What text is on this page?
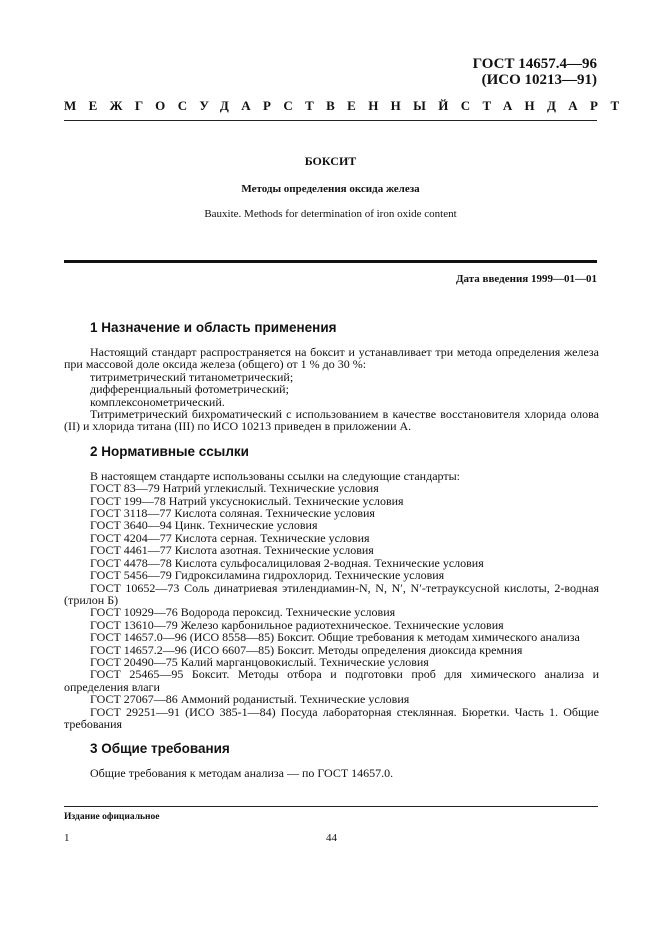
ГОСТ 14657.4—96
(ИСО 10213—91)
МЕЖГОСУДАРСТВЕННЫЙ СТАНДАРТ
БОКСИТ
Методы определения оксида железа
Bauxite. Methods for determination of iron oxide content
Дата введения 1999—01—01
1 Назначение и область применения

Настоящий стандарт распространяется на боксит и устанавливает три метода определения железа при массовой доле оксида железа (общего) от 1 % до 30 %:

титриметрический титанометрический;

дифференциальный фотометрический;

комплексонометрический.

Титриметрический бихроматический с использованием в качестве восстановителя хлорида олова (II) и хлорида титана (III) по ИСО 10213 приведен в приложении А.

2 Нормативные ссылки

В настоящем стандарте использованы ссылки на следующие стандарты:

ГОСТ 83—79 Натрий углекислый. Технические условия

ГОСТ 199—78 Натрий уксуснокислый. Технические условия

ГОСТ 3118—77 Кислота соляная. Технические условия

ГОСТ 3640—94 Цинк. Технические условия

ГОСТ 4204—77 Кислота серная. Технические условия

ГОСТ 4461—77 Кислота азотная. Технические условия

ГОСТ 4478—78 Кислота сульфосалициловая 2-водная. Технические условия

ГОСТ 5456—79 Гидроксиламина гидрохлорид. Технические условия

ГОСТ 10652—73 Соль динатриевая этилендиамин-N, N, N′, N′-тетрауксусной кислоты, 2-водная (трилон Б)

ГОСТ 10929—76 Водорода пероксид. Технические условия

ГОСТ 13610—79 Железо карбонильное радиотехническое. Технические условия

ГОСТ 14657.0—96 (ИСО 8558—85) Боксит. Общие требования к методам химического анализа

ГОСТ 14657.2—96 (ИСО 6607—85) Боксит. Методы определения диоксида кремния

ГОСТ 20490—75 Калий марганцовокислый. Технические условия

ГОСТ 25465—95 Боксит. Методы отбора и подготовки проб для химического анализа и определения влаги

ГОСТ 27067—86 Аммоний роданистый. Технические условия

ГОСТ 29251—91 (ИСО 385-1—84) Посуда лабораторная стеклянная. Бюретки. Часть 1. Общие требования

3 Общие требования

Общие требования к методам анализа — по ГОСТ 14657.0.

Издание официальное
1	44
